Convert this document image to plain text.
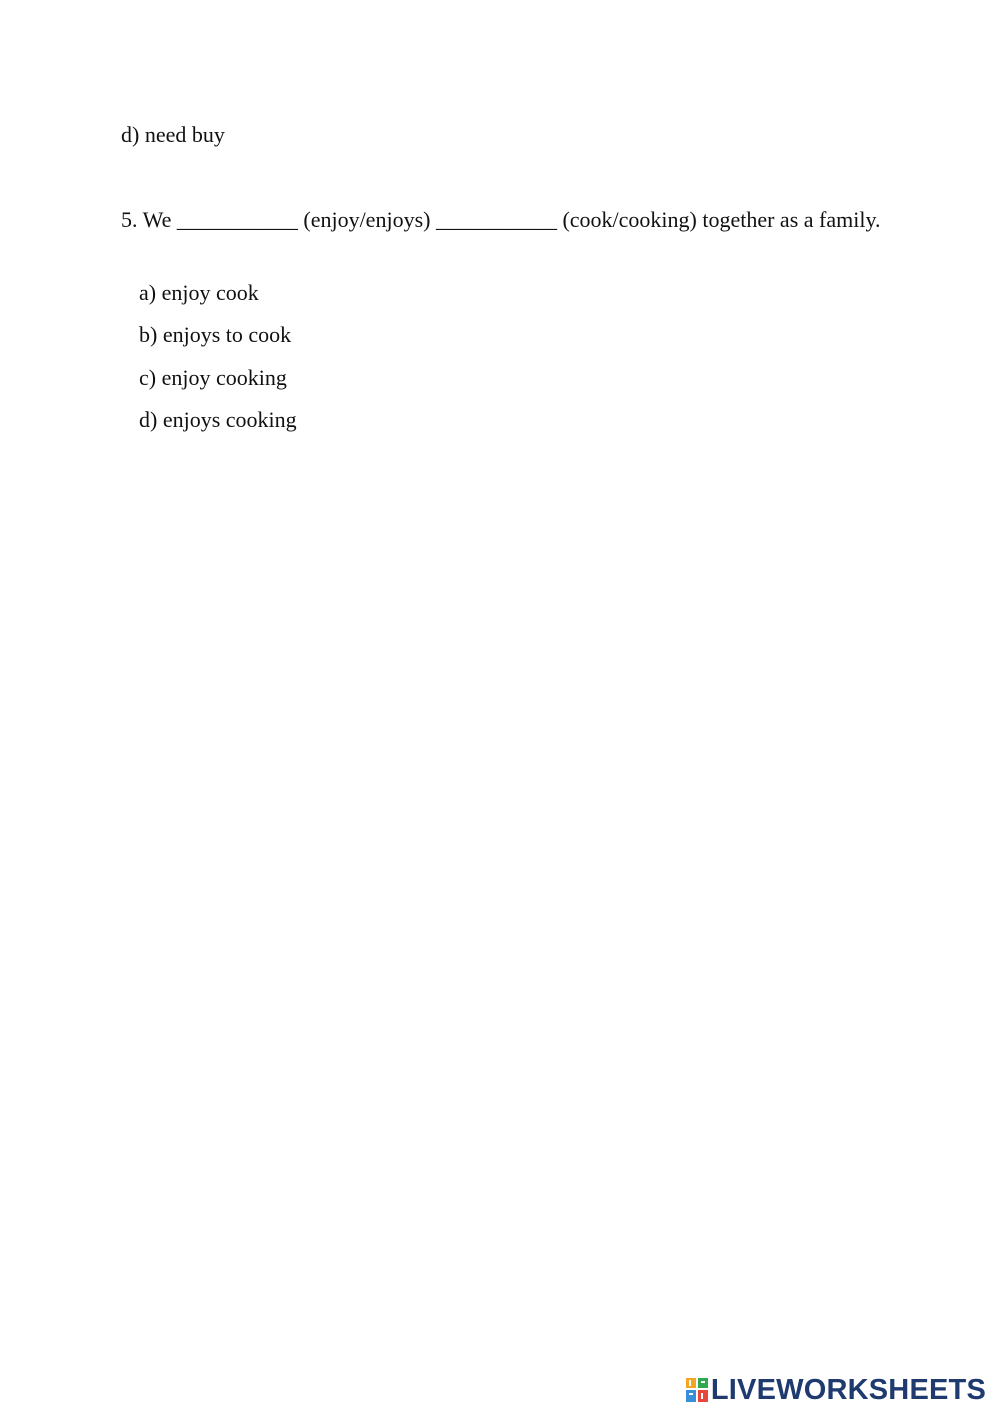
d) need buy
5. We ___________ (enjoy/enjoys) ___________ (cook/cooking) together as a family.
a) enjoy cook
b) enjoys to cook
c) enjoy cooking
d) enjoys cooking
LIVEWORKSHEETS
